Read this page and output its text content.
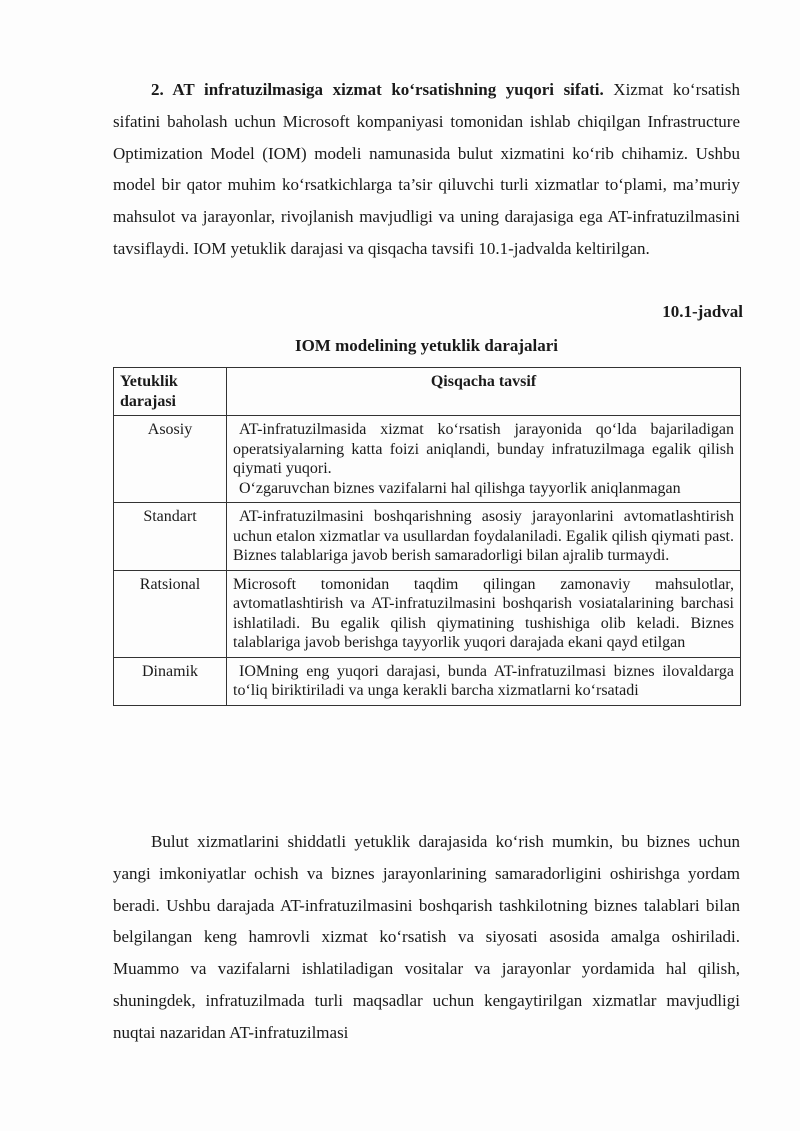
2. AT infratuzilmasiga xizmat ko‘rsatishning yuqori sifati. Xizmat ko‘rsatish sifatini baholash uchun Microsoft kompaniyasi tomonidan ishlab chiqilgan Infrastructure Optimization Model (IOM) modeli namunasida bulut xizmatini ko‘rib chihamiz. Ushbu model bir qator muhim ko‘rsatkichlarga ta’sir qiluvchi turli xizmatlar to‘plami, ma’muriy mahsulot va jarayonlar, rivojlanish mavjudligi va uning darajasiga ega AT-infratuzilmasini tavsiflaydi. IOM yetuklik darajasi va qisqacha tavsifi 10.1-jadvalda keltirilgan.

10.1-jadval

IOM modelining yetuklik darajalari

Yetuklik darajasi	Qisqacha tavsif
Asosiy	AT-infratuzilmasida xizmat ko‘rsatish jarayonida qo‘lda bajariladigan operatsiyalarning katta foizi aniqlandi, bunday infratuzilmaga egalik qilish qiymati yuqori.
O‘zgaruvchan biznes vazifalarni hal qilishga tayyorlik aniqlanmagan

Standart	AT-infratuzilmasini boshqarishning asosiy jarayonlarini avtomatlashtirish uchun etalon xizmatlar va usullardan foydalaniladi. Egalik qilish qiymati past. Biznes talablariga javob berish samaradorligi bilan ajralib turmaydi.

Ratsional	Microsoft tomonidan taqdim qilingan zamonaviy mahsulotlar, avtomatlashtirish va AT-infratuzilmasini boshqarish vosiatalarining barchasi ishlatiladi. Bu egalik qilish qiymatining tushishiga olib keladi. Biznes talablariga javob berishga tayyorlik yuqori darajada ekani qayd etilgan

Dinamik	IOMning eng yuqori darajasi, bunda AT-infratuzilmasi biznes ilovaldarga to‘liq biriktiriladi va unga kerakli barcha xizmatlarni ko‘rsatadi

Bulut xizmatlarini shiddatli yetuklik darajasida ko‘rish mumkin, bu biznes uchun yangi imkoniyatlar ochish va biznes jarayonlarining samaradorligini oshirishga yordam beradi. Ushbu darajada AT-infratuzilmasini boshqarish tashkilotning biznes talablari bilan belgilangan keng hamrovli xizmat ko‘rsatish va siyosati asosida amalga oshiriladi. Muammo va vazifalarni ishlatiladigan vositalar va jarayonlar yordamida hal qilish, shuningdek, infratuzilmada turli maqsadlar uchun kengaytirilgan xizmatlar mavjudligi nuqtai nazaridan AT-infratuzilmasi
